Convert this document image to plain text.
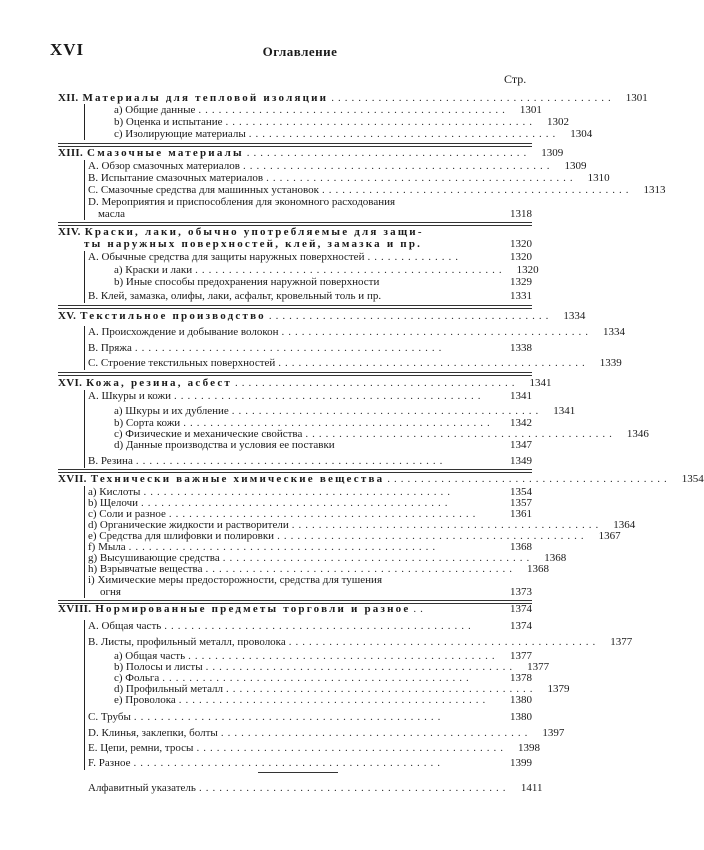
XVI	Оглавление
Стр.
XII. Материалы для тепловой изоляции ..........................................	1301
a) Общие данные ..............................................	1301
b) Оценка и испытание ..............................................	1302
c) Изолирующие материалы ..............................................	1304
XIII. Смазочные материалы ..........................................	1309
A. Обзор смазочных материалов ..............................................	1309
B. Испытание смазочных материалов ..............................................	1310
C. Смазочные средства для машинных установок ..............................................	1313
D. Мероприятия и приспособления для экономного расходования
масла	1318
XIV. Краски, лаки, обычно употребляемые для защи-
ты наружных поверхностей, клей, замазка и пр.	1320
A. Обычные средства для защиты наружных поверхностей ..............	1320
a) Краски и лаки ..............................................	1320
b) Иные способы предохранения наружной поверхности	1329
B. Клей, замазка, олифы, лаки, асфальт, кровельный толь и пр.	1331
XV. Текстильное производство ..........................................	1334
A. Происхождение и добывание волокон ..............................................	1334
B. Пряжа ..............................................	1338
C. Строение текстильных поверхностей ..............................................	1339
XVI. Кожа, резина, асбест ..........................................	1341
A. Шкуры и кожи ..............................................	1341
a) Шкуры и их дубление ..............................................	1341
b) Сорта кожи ..............................................	1342
c) Физические и механические свойства ..............................................	1346
d) Данные производства и условия ее поставки	1347
B. Резина ..............................................	1349
XVII. Технически важные химические вещества ..........................................	1354
a) Кислоты ..............................................	1354
b) Щелочи ..............................................	1357
c) Соли и разное ..............................................	1361
d) Органические жидкости и растворители ..............................................	1364
e) Средства для шлифовки и полировки ..............................................	1367
f) Мыла ..............................................	1368
g) Высушивающие средства ..............................................	1368
h) Взрывчатые вещества ..............................................	1368
i) Химические меры предосторожности, средства для тушения
огня	1373
XVIII. Нормированные предметы торговли и разное ..	1374
A. Общая часть ..............................................	1374
B. Листы, профильный металл, проволока ..............................................	1377
a) Общая часть ..............................................	1377
b) Полосы и листы ..............................................	1377
c) Фольга ..............................................	1378
d) Профильный металл ..............................................	1379
e) Проволока ..............................................	1380
C. Трубы ..............................................	1380
D. Клинья, заклепки, болты ..............................................	1397
E. Цепи, ремни, тросы ..............................................	1398
F. Разное ..............................................	1399
Алфавитный указатель ..............................................	1411
